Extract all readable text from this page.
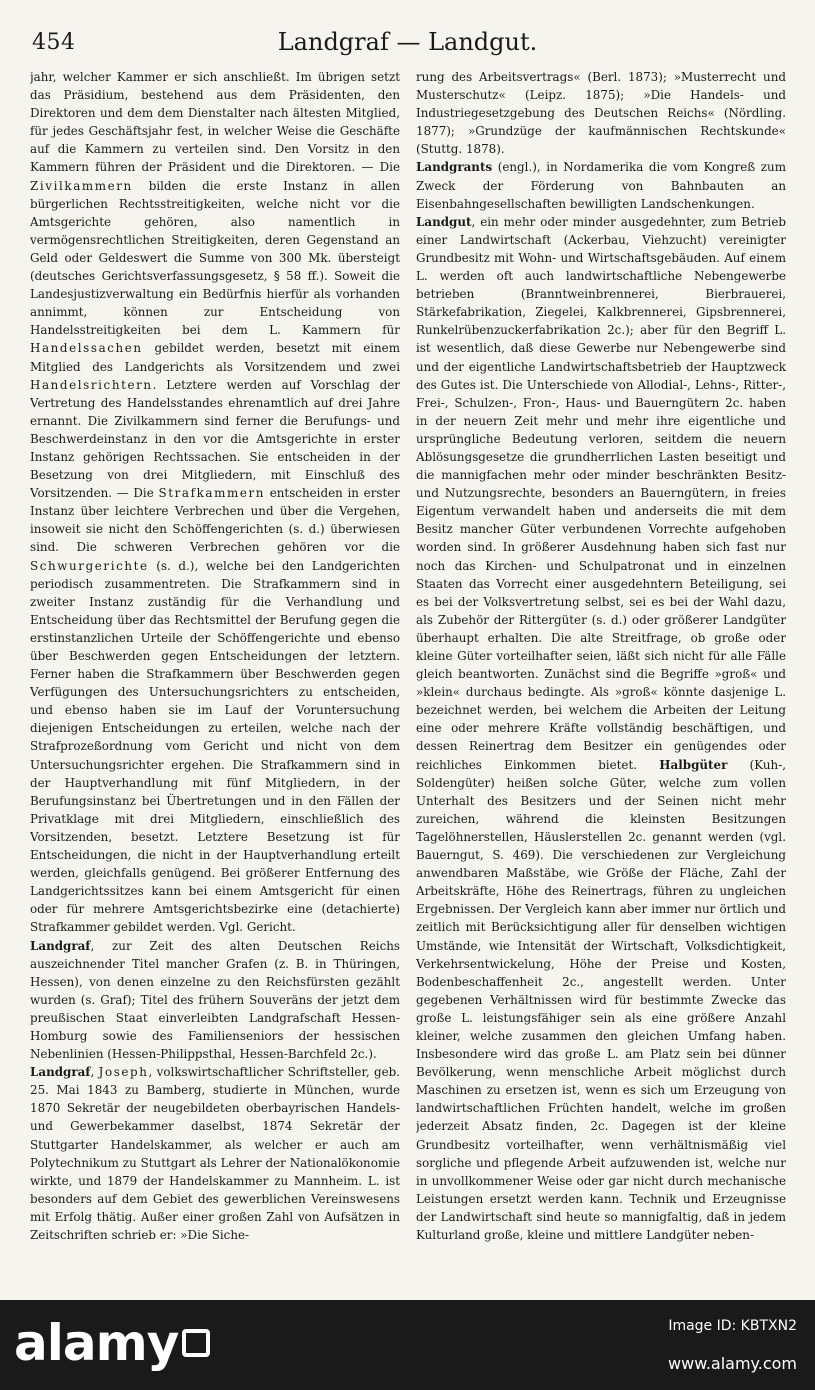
454	Landgraf — Landgut.

jahr, welcher Kammer er sich anschließt. Im übrigen setzt das Präsidium, bestehend aus dem Präsidenten, den Direktoren und dem dem Dienstalter nach ältesten Mitglied, für jedes Geschäftsjahr fest, in welcher Weise die Geschäfte auf die Kammern zu verteilen sind. Den Vorsitz in den Kammern führen der Präsident und die Direktoren. — Die Zivilkammern bilden die erste Instanz in allen bürgerlichen Rechtsstreitigkeiten, welche nicht vor die Amtsgerichte gehören, also namentlich in vermögensrechtlichen Streitigkeiten, deren Gegenstand an Geld oder Geldeswert die Summe von 300 Mk. übersteigt (deutsches Gerichtsverfassungsgesetz, § 58 ff.). Soweit die Landesjustizverwaltung ein Bedürfnis hierfür als vorhanden annimmt, können zur Entscheidung von Handelsstreitigkeiten bei dem L. Kammern für Handelssachen gebildet werden, besetzt mit einem Mitglied des Landgerichts als Vorsitzendem und zwei Handelsrichtern. Letztere werden auf Vorschlag der Vertretung des Handelsstandes ehrenamtlich auf drei Jahre ernannt. Die Zivilkammern sind ferner die Berufungs- und Beschwerdeinstanz in den vor die Amtsgerichte in erster Instanz gehörigen Rechtssachen. Sie entscheiden in der Besetzung von drei Mitgliedern, mit Einschluß des Vorsitzenden. — Die Strafkammern entscheiden in erster Instanz über leichtere Verbrechen und über die Vergehen, insoweit sie nicht den Schöffengerichten (s. d.) überwiesen sind. Die schweren Verbrechen gehören vor die Schwurgerichte (s. d.), welche bei den Landgerichten periodisch zusammentreten. Die Strafkammern sind in zweiter Instanz zuständig für die Verhandlung und Entscheidung über das Rechtsmittel der Berufung gegen die erstinstanzlichen Urteile der Schöffengerichte und ebenso über Beschwerden gegen Entscheidungen der letztern. Ferner haben die Strafkammern über Beschwerden gegen Verfügungen des Untersuchungsrichters zu entscheiden, und ebenso haben sie im Lauf der Voruntersuchung diejenigen Entscheidungen zu erteilen, welche nach der Strafprozeßordnung vom Gericht und nicht von dem Untersuchungsrichter ergehen. Die Strafkammern sind in der Hauptverhandlung mit fünf Mitgliedern, in der Berufungsinstanz bei Übertretungen und in den Fällen der Privatklage mit drei Mitgliedern, einschließlich des Vorsitzenden, besetzt. Letztere Besetzung ist für Entscheidungen, die nicht in der Hauptverhandlung erteilt werden, gleichfalls genügend. Bei größerer Entfernung des Landgerichtssitzes kann bei einem Amtsgericht für einen oder für mehrere Amtsgerichtsbezirke eine (detachierte) Strafkammer gebildet werden. Vgl. Gericht.

Landgraf, zur Zeit des alten Deutschen Reichs auszeichnender Titel mancher Grafen (z. B. in Thüringen, Hessen), von denen einzelne zu den Reichsfürsten gezählt wurden (s. Graf); Titel des frühern Souveräns der jetzt dem preußischen Staat einverleibten Landgrafschaft Hessen-Homburg sowie des Familienseniors der hessischen Nebenlinien (Hessen-Philippsthal, Hessen-Barchfeld 2c.).

Landgraf, Joseph, volkswirtschaftlicher Schriftsteller, geb. 25. Mai 1843 zu Bamberg, studierte in München, wurde 1870 Sekretär der neugebildeten oberbayrischen Handels- und Gewerbekammer daselbst, 1874 Sekretär der Stuttgarter Handelskammer, als welcher er auch am Polytechnikum zu Stuttgart als Lehrer der Nationalökonomie wirkte, und 1879 der Handelskammer zu Mannheim. L. ist besonders auf dem Gebiet des gewerblichen Vereinswesens mit Erfolg thätig. Außer einer großen Zahl von Aufsätzen in Zeitschriften schrieb er: »Die Siche-

rung des Arbeitsvertrags« (Berl. 1873); »Musterrecht und Musterschutz« (Leipz. 1875); »Die Handels- und Industriegesetzgebung des Deutschen Reichs« (Nördling. 1877); »Grundzüge der kaufmännischen Rechtskunde« (Stuttg. 1878).

Landgrants (engl.), in Nordamerika die vom Kongreß zum Zweck der Förderung von Bahnbauten an Eisenbahngesellschaften bewilligten Landschenkungen.

Landgut, ein mehr oder minder ausgedehnter, zum Betrieb einer Landwirtschaft (Ackerbau, Viehzucht) vereinigter Grundbesitz mit Wohn- und Wirtschaftsgebäuden. Auf einem L. werden oft auch landwirtschaftliche Nebengewerbe betrieben (Branntweinbrennerei, Bierbrauerei, Stärkefabrikation, Ziegelei, Kalkbrennerei, Gipsbrennerei, Runkelrübenzuckerfabrikation 2c.); aber für den Begriff L. ist wesentlich, daß diese Gewerbe nur Nebengewerbe sind und der eigentliche Landwirtschaftsbetrieb der Hauptzweck des Gutes ist. Die Unterschiede von Allodial-, Lehns-, Ritter-, Frei-, Schulzen-, Fron-, Haus- und Bauerngütern 2c. haben in der neuern Zeit mehr und mehr ihre eigentliche und ursprüngliche Bedeutung verloren, seitdem die neuern Ablösungsgesetze die grundherrlichen Lasten beseitigt und die mannigfachen mehr oder minder beschränkten Besitz- und Nutzungsrechte, besonders an Bauerngütern, in freies Eigentum verwandelt haben und anderseits die mit dem Besitz mancher Güter verbundenen Vorrechte aufgehoben worden sind. In größerer Ausdehnung haben sich fast nur noch das Kirchen- und Schulpatronat und in einzelnen Staaten das Vorrecht einer ausgedehntern Beteiligung, sei es bei der Volksvertretung selbst, sei es bei der Wahl dazu, als Zubehör der Rittergüter (s. d.) oder größerer Landgüter überhaupt erhalten. Die alte Streitfrage, ob große oder kleine Güter vorteilhafter seien, läßt sich nicht für alle Fälle gleich beantworten. Zunächst sind die Begriffe »groß« und »klein« durchaus bedingte. Als »groß« könnte dasjenige L. bezeichnet werden, bei welchem die Arbeiten der Leitung eine oder mehrere Kräfte vollständig beschäftigen, und dessen Reinertrag dem Besitzer ein genügendes oder reichliches Einkommen bietet. Halbgüter (Kuh-, Soldengüter) heißen solche Güter, welche zum vollen Unterhalt des Besitzers und der Seinen nicht mehr zureichen, während die kleinsten Besitzungen Tagelöhnerstellen, Häuslerstellen 2c. genannt werden (vgl. Bauerngut, S. 469). Die verschiedenen zur Vergleichung anwendbaren Maßstäbe, wie Größe der Fläche, Zahl der Arbeitskräfte, Höhe des Reinertrags, führen zu ungleichen Ergebnissen. Der Vergleich kann aber immer nur örtlich und zeitlich mit Berücksichtigung aller für denselben wichtigen Umstände, wie Intensität der Wirtschaft, Volksdichtigkeit, Verkehrsentwickelung, Höhe der Preise und Kosten, Bodenbeschaffenheit 2c., angestellt werden. Unter gegebenen Verhältnissen wird für bestimmte Zwecke das große L. leistungsfähiger sein als eine größere Anzahl kleiner, welche zusammen den gleichen Umfang haben. Insbesondere wird das große L. am Platz sein bei dünner Bevölkerung, wenn menschliche Arbeit möglichst durch Maschinen zu ersetzen ist, wenn es sich um Erzeugung von landwirtschaftlichen Früchten handelt, welche im großen jederzeit Absatz finden, 2c. Dagegen ist der kleine Grundbesitz vorteilhafter, wenn verhältnismäßig viel sorgliche und pflegende Arbeit aufzuwenden ist, welche nur in unvollkommener Weise oder gar nicht durch mechanische Leistungen ersetzt werden kann. Technik und Erzeugnisse der Landwirtschaft sind heute so mannigfaltig, daß in jedem Kulturland große, kleine und mittlere Landgüter neben-

alamy	Image ID: KBTXN2
www.alamy.com
